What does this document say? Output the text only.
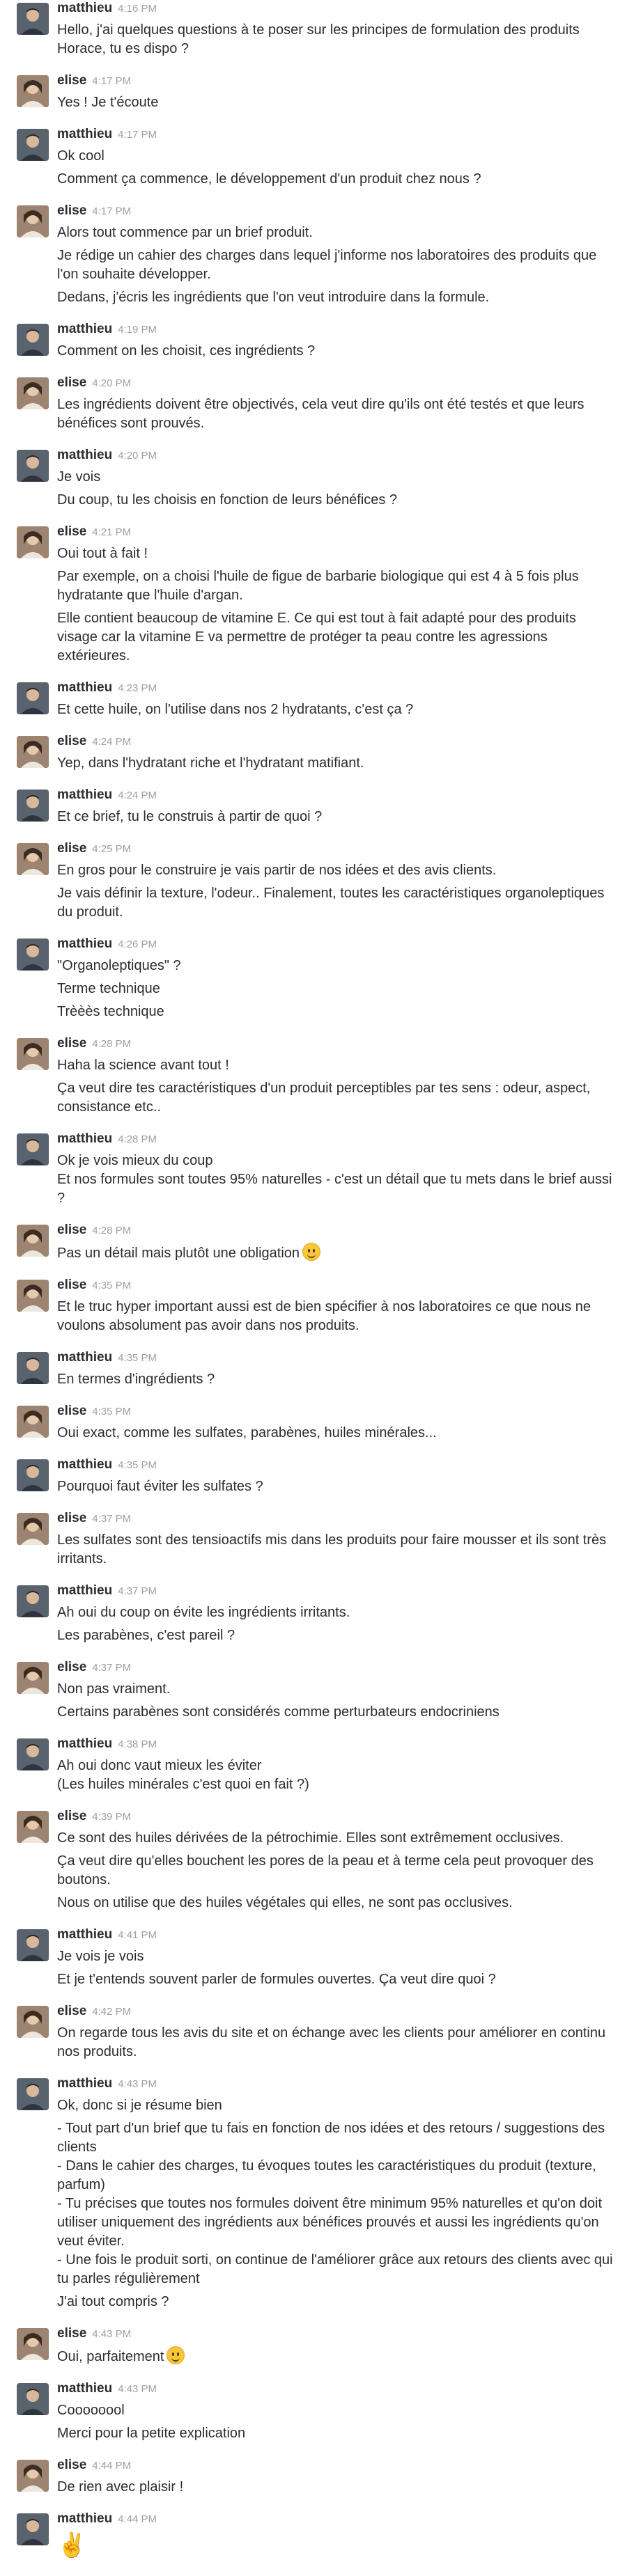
matthieu 4:16 PM
Hello, j'ai quelques questions à te poser sur les principes de formulation des produits Horace, tu es dispo ?
elise 4:17 PM
Yes ! Je t'écoute
matthieu 4:17 PM
Ok cool
Comment ça commence, le développement d'un produit chez nous ?
elise 4:17 PM
Alors tout commence par un brief produit.
Je rédige un cahier des charges dans lequel j'informe nos laboratoires des produits que l'on souhaite développer.
Dedans, j'écris les ingrédients que l'on veut introduire dans la formule.
matthieu 4:19 PM
Comment on les choisit, ces ingrédients ?
elise 4:20 PM
Les ingrédients doivent être objectivés, cela veut dire qu'ils ont été testés et que leurs bénéfices sont prouvés.
matthieu 4:20 PM
Je vois
Du coup, tu les choisis en fonction de leurs bénéfices ?
elise 4:21 PM
Oui tout à fait !
Par exemple, on a choisi l'huile de figue de barbarie biologique qui est 4 à 5 fois plus hydratante que l'huile d'argan.
Elle contient beaucoup de vitamine E. Ce qui est tout à fait adapté pour des produits visage car la vitamine E va permettre de protéger ta peau contre les agressions extérieures.
matthieu 4:23 PM
Et cette huile, on l'utilise dans nos 2 hydratants, c'est ça ?
elise 4:24 PM
Yep, dans l'hydratant riche et l'hydratant matifiant.
matthieu 4:24 PM
Et ce brief, tu le construis à partir de quoi ?
elise 4:25 PM
En gros pour le construire je vais partir de nos idées et des avis clients.
Je vais définir la texture, l'odeur.. Finalement, toutes les caractéristiques organoleptiques du produit.
matthieu 4:26 PM
"Organoleptiques" ?
Terme technique
Trèèès technique
elise 4:28 PM
Haha la science avant tout !
Ça veut dire tes caractéristiques d'un produit perceptibles par tes sens : odeur, aspect, consistance etc..
matthieu 4:28 PM
Ok je vois mieux du coup
Et nos formules sont toutes 95% naturelles - c'est un détail que tu mets dans le brief aussi ?
elise 4:28 PM
Pas un détail mais plutôt une obligation
elise 4:35 PM
Et le truc hyper important aussi est de bien spécifier à nos laboratoires ce que nous ne voulons absolument pas avoir dans nos produits.
matthieu 4:35 PM
En termes d'ingrédients ?
elise 4:35 PM
Oui exact, comme les sulfates, parabènes, huiles minérales...
matthieu 4:35 PM
Pourquoi faut éviter les sulfates ?
elise 4:37 PM
Les sulfates sont des tensioactifs mis dans les produits pour faire mousser et ils sont très irritants.
matthieu 4:37 PM
Ah oui du coup on évite les ingrédients irritants.
Les parabènes, c'est pareil ?
elise 4:37 PM
Non pas vraiment.
Certains parabènes sont considérés comme perturbateurs endocriniens
matthieu 4:38 PM
Ah oui donc vaut mieux les éviter
(Les huiles minérales c'est quoi en fait ?)
elise 4:39 PM
Ce sont des huiles dérivées de la pétrochimie. Elles sont extrêmement occlusives.
Ça veut dire qu'elles bouchent les pores de la peau et à terme cela peut provoquer des boutons.
Nous on utilise que des huiles végétales qui elles, ne sont pas occlusives.
matthieu 4:41 PM
Je vois je vois
Et je t'entends souvent parler de formules ouvertes. Ça veut dire quoi ?
elise 4:42 PM
On regarde tous les avis du site et on échange avec les clients pour améliorer en continu nos produits.
matthieu 4:43 PM
Ok, donc si je résume bien
- Tout part d'un brief que tu fais en fonction de nos idées et des retours / suggestions des clients
- Dans le cahier des charges, tu évoques toutes les caractéristiques du produit (texture, parfum)
- Tu précises que toutes nos formules doivent être minimum 95% naturelles et qu'on doit utiliser uniquement des ingrédients aux bénéfices prouvés et aussi les ingrédients qu'on veut éviter.
- Une fois le produit sorti, on continue de l'améliorer grâce aux retours des clients avec qui tu parles régulièrement
J'ai tout compris ?
elise 4:43 PM
Oui, parfaitement
matthieu 4:43 PM
Coooooool
Merci pour la petite explication
elise 4:44 PM
De rien avec plaisir !
matthieu 4:44 PM
✌
